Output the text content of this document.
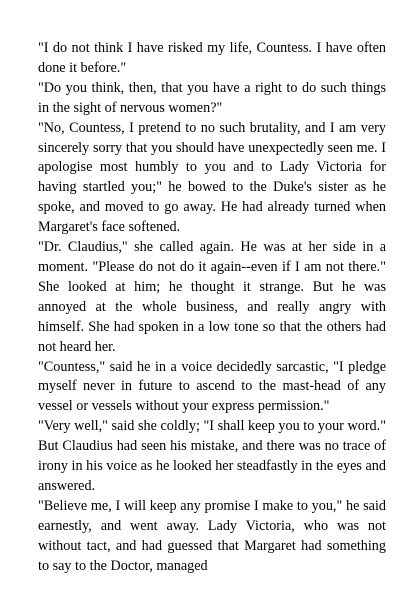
"I do not think I have risked my life, Countess. I have often done it before."

"Do you think, then, that you have a right to do such things in the sight of nervous women?"

"No, Countess, I pretend to no such brutality, and I am very sincerely sorry that you should have unexpectedly seen me. I apologise most humbly to you and to Lady Victoria for having startled you;" he bowed to the Duke's sister as he spoke, and moved to go away. He had already turned when Margaret's face softened.

"Dr. Claudius," she called again. He was at her side in a moment. "Please do not do it again--even if I am not there." She looked at him; he thought it strange. But he was annoyed at the whole business, and really angry with himself. She had spoken in a low tone so that the others had not heard her.

"Countess," said he in a voice decidedly sarcastic, "I pledge myself never in future to ascend to the mast-head of any vessel or vessels without your express permission."

"Very well," said she coldly; "I shall keep you to your word." But Claudius had seen his mistake, and there was no trace of irony in his voice as he looked her steadfastly in the eyes and answered.

"Believe me, I will keep any promise I make to you," he said earnestly, and went away. Lady Victoria, who was not without tact, and had guessed that Margaret had something to say to the Doctor, managed
